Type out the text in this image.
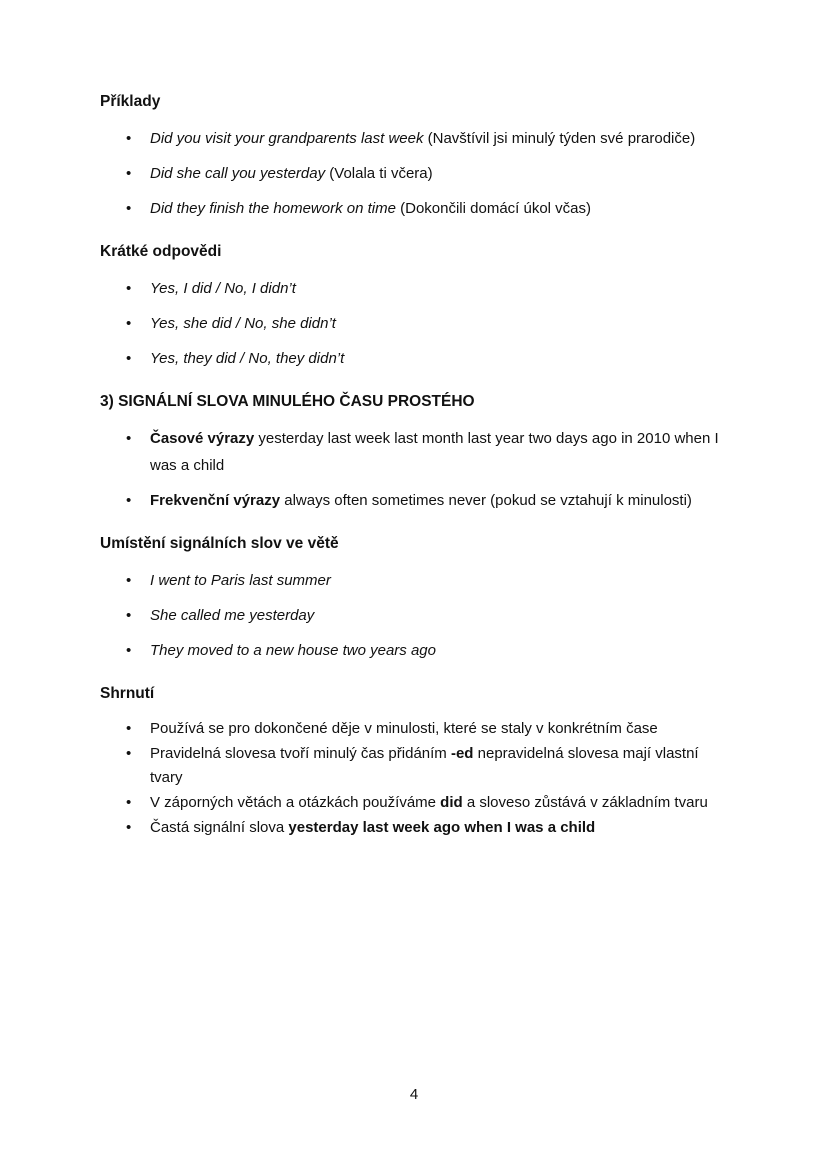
Příklady
• Did you visit your grandparents last week (Navštívil jsi minulý týden své prarodiče)
• Did she call you yesterday (Volala ti včera)
• Did they finish the homework on time (Dokončili domácí úkol včas)
Krátké odpovědi
• Yes, I did / No, I didn’t
• Yes, she did / No, she didn’t
• Yes, they did / No, they didn’t
3) SIGNÁLNÍ SLOVA MINULÉHO ČASU PROSTÉHO
• Časové výrazy yesterday last week last month last year two days ago in 2010 when I was a child
• Frekvenční výrazy always often sometimes never (pokud se vztahují k minulosti)
Umístění signálních slov ve větě
• I went to Paris last summer
• She called me yesterday
• They moved to a new house two years ago
Shrnutí
• Používá se pro dokončené děje v minulosti, které se staly v konkrétním čase
• Pravidelná slovesa tvoří minulý čas přidáním -ed nepravidelná slovesa mají vlastní tvary
• V záporných větách a otázkách používáme did a sloveso zůstává v základním tvaru
• Častá signální slova yesterday last week ago when I was a child
4
